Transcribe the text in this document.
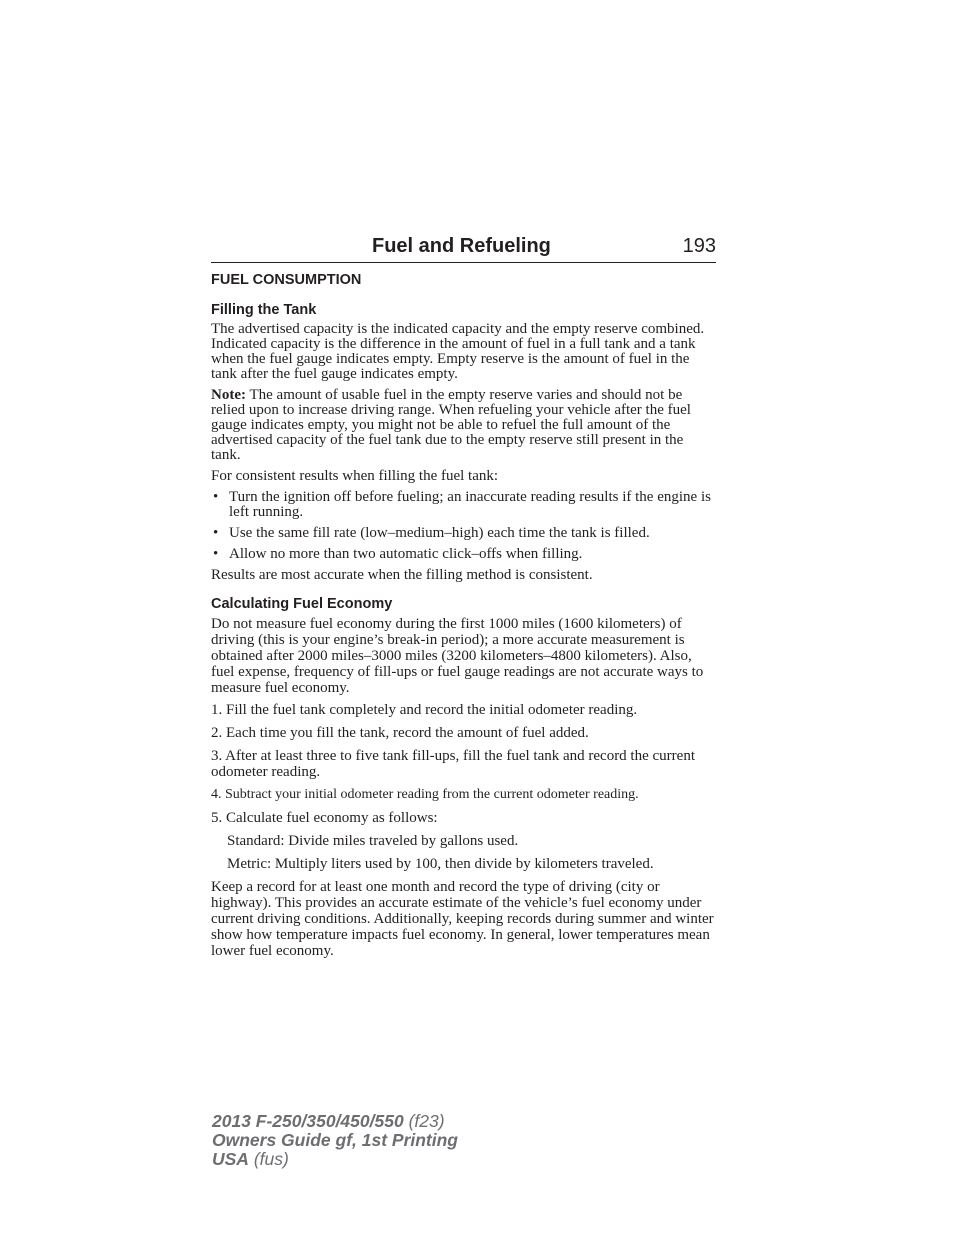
Fuel and Refueling	193
FUEL CONSUMPTION
Filling the Tank

The advertised capacity is the indicated capacity and the empty reserve combined. Indicated capacity is the difference in the amount of fuel in a full tank and a tank when the fuel gauge indicates empty. Empty reserve is the amount of fuel in the tank after the fuel gauge indicates empty.

Note: The amount of usable fuel in the empty reserve varies and should not be relied upon to increase driving range. When refueling your vehicle after the fuel gauge indicates empty, you might not be able to refuel the full amount of the advertised capacity of the fuel tank due to the empty reserve still present in the tank.

For consistent results when filling the fuel tank:

• Turn the ignition off before fueling; an inaccurate reading results if the engine is left running.
• Use the same fill rate (low–medium–high) each time the tank is filled.
• Allow no more than two automatic click–offs when filling.

Results are most accurate when the filling method is consistent.

Calculating Fuel Economy

Do not measure fuel economy during the first 1000 miles (1600 kilometers) of driving (this is your engine’s break-in period); a more accurate measurement is obtained after 2000 miles–3000 miles (3200 kilometers–4800 kilometers). Also, fuel expense, frequency of fill-ups or fuel gauge readings are not accurate ways to measure fuel economy.

1. Fill the fuel tank completely and record the initial odometer reading.

2. Each time you fill the tank, record the amount of fuel added.

3. After at least three to five tank fill-ups, fill the fuel tank and record the current odometer reading.

4. Subtract your initial odometer reading from the current odometer reading.

5. Calculate fuel economy as follows:

Standard: Divide miles traveled by gallons used.

Metric: Multiply liters used by 100, then divide by kilometers traveled.

Keep a record for at least one month and record the type of driving (city or highway). This provides an accurate estimate of the vehicle’s fuel economy under current driving conditions. Additionally, keeping records during summer and winter show how temperature impacts fuel economy. In general, lower temperatures mean lower fuel economy.

2013 F-250/350/450/550 (f23)
Owners Guide gf, 1st Printing
USA (fus)
